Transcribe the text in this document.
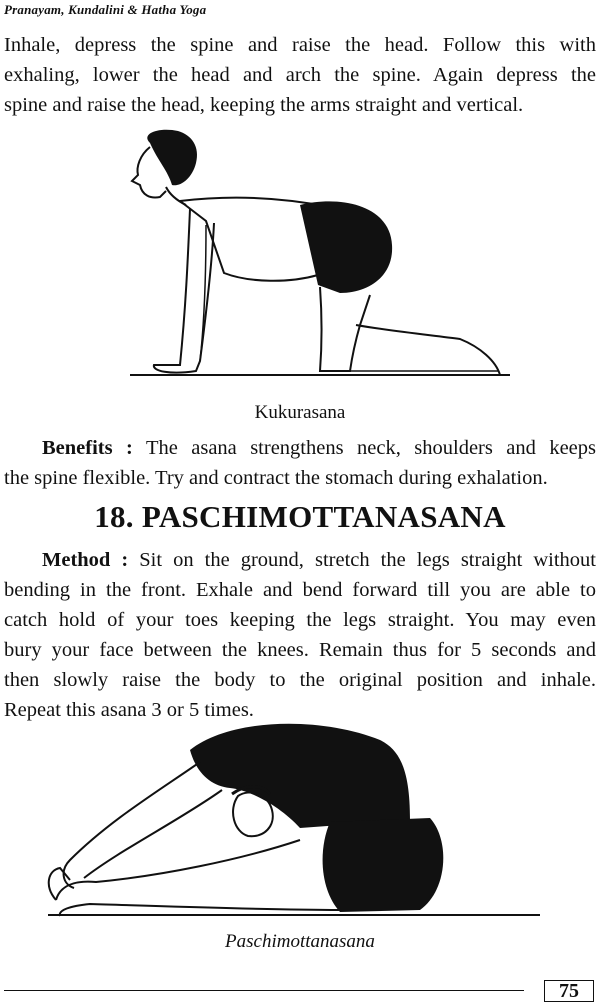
Pranayam, Kundalini & Hatha Yoga
Inhale, depress the spine and raise the head. Follow this with
exhaling, lower the head and arch the spine. Again depress the
spine and raise the head, keeping the arms straight and vertical.
Kukurasana
Benefits : The asana strengthens neck, shoulders and keeps
the spine flexible. Try and contract the stomach during exhalation.
18. PASCHIMOTTANASANA
Method : Sit on the ground, stretch the legs straight without
bending in the front. Exhale and bend forward till you are able to
catch hold of your toes keeping the legs straight. You may even
bury your face between the knees. Remain thus for 5 seconds and
then slowly raise the body to the original position and inhale.
Repeat this asana 3 or 5 times.
Paschimottanasana
75
